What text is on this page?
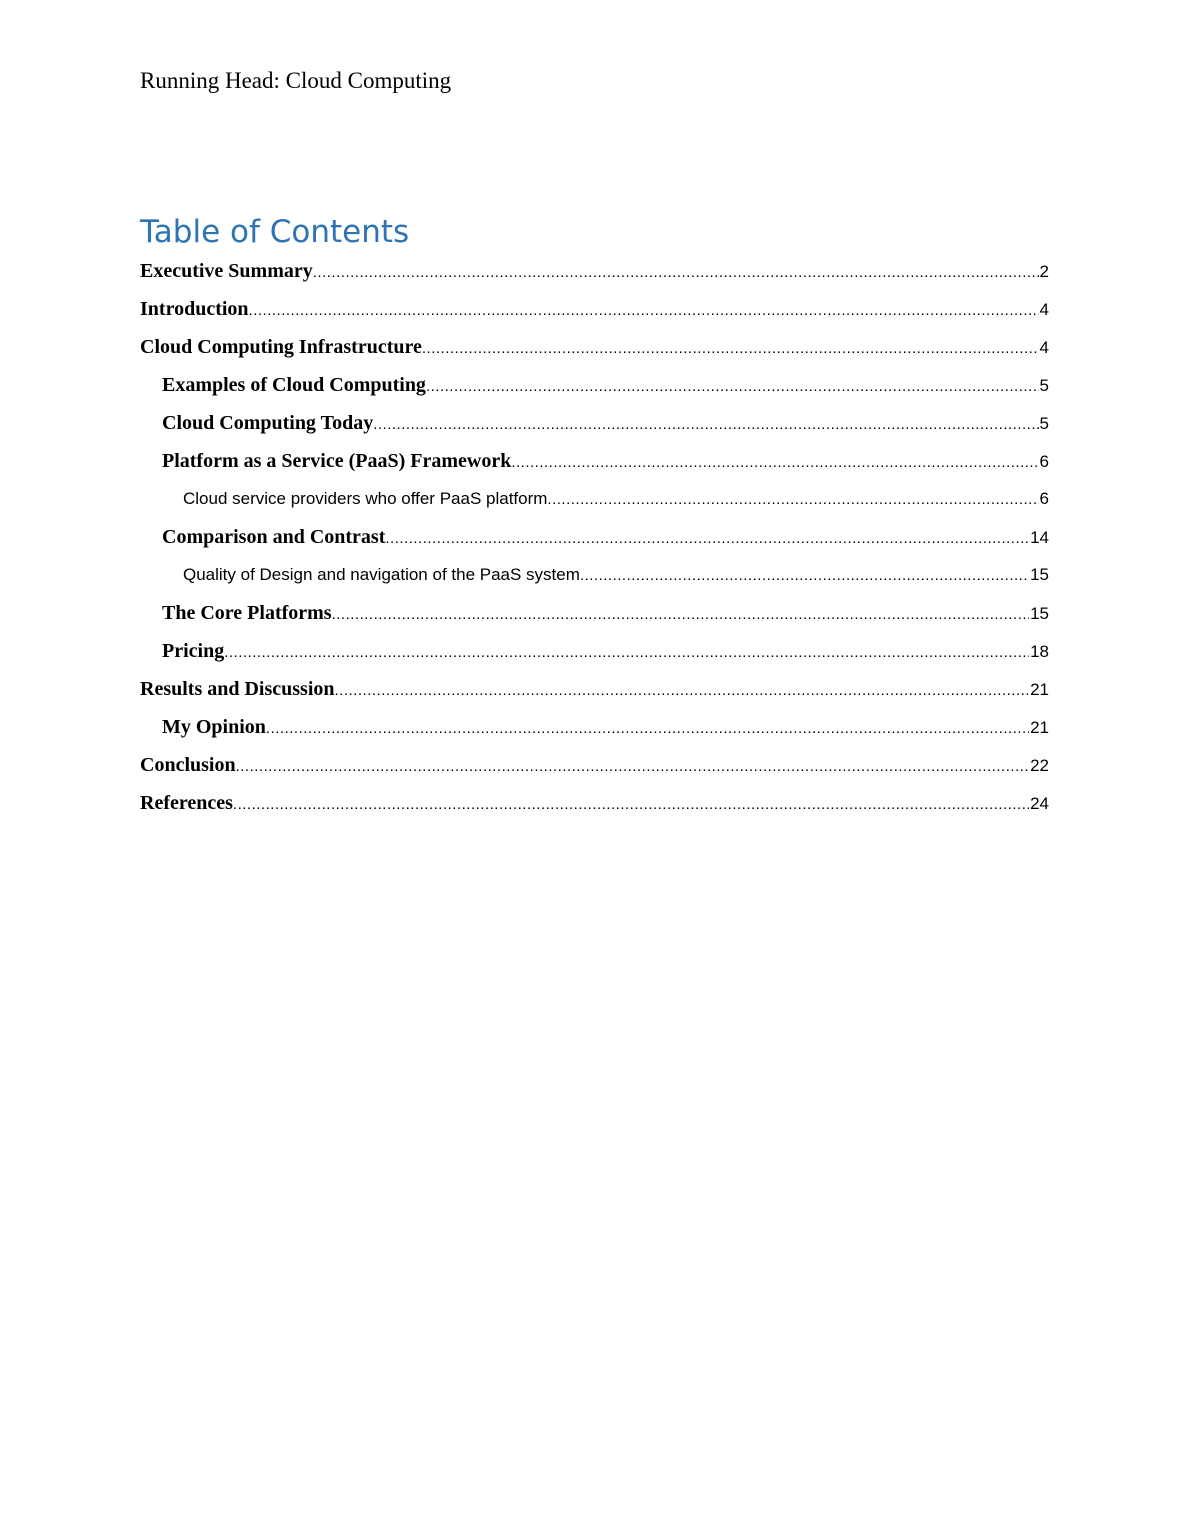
Running Head: Cloud Computing
Table of Contents
Executive Summary .....	2
Introduction .....	4
Cloud Computing Infrastructure .....	4
Examples of Cloud Computing .....	5
Cloud Computing Today .....	5
Platform as a Service (PaaS) Framework .....	6
Cloud service providers who offer PaaS platform .....	6
Comparison and Contrast .....	14
Quality of Design and navigation of the PaaS system .....	15
The Core Platforms .....	15
Pricing .....	18
Results and Discussion .....	21
My Opinion .....	21
Conclusion .....	22
References .....	24
